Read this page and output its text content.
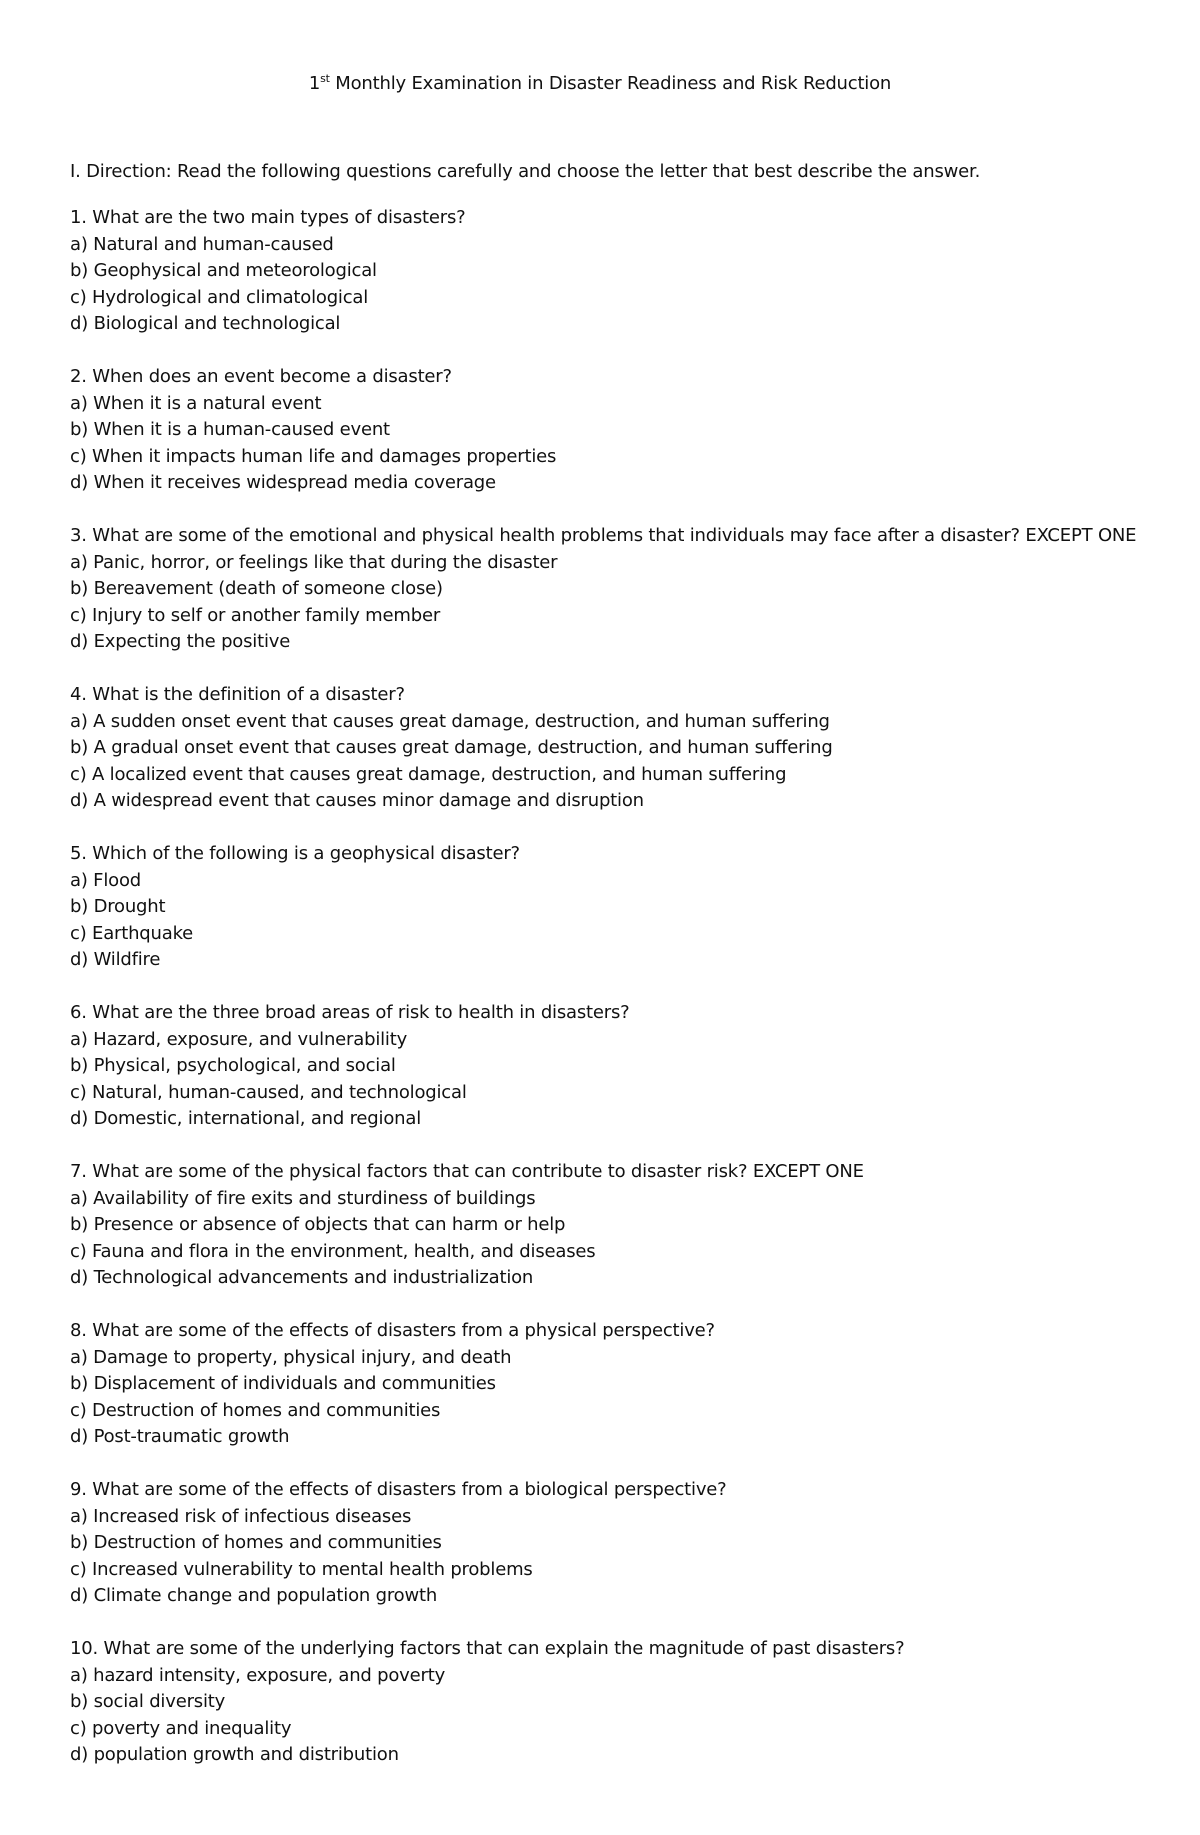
1st Monthly Examination in Disaster Readiness and Risk Reduction
I. Direction: Read the following questions carefully and choose the letter that best describe the answer.
1. What are the two main types of disasters?
a) Natural and human-caused
b) Geophysical and meteorological
c) Hydrological and climatological
d) Biological and technological
2. When does an event become a disaster?
a) When it is a natural event
b) When it is a human-caused event
c) When it impacts human life and damages properties
d) When it receives widespread media coverage
3. What are some of the emotional and physical health problems that individuals may face after a disaster? EXCEPT ONE
a) Panic, horror, or feelings like that during the disaster
b) Bereavement (death of someone close)
c) Injury to self or another family member
d) Expecting the positive
4. What is the definition of a disaster?
a) A sudden onset event that causes great damage, destruction, and human suffering
b) A gradual onset event that causes great damage, destruction, and human suffering
c) A localized event that causes great damage, destruction, and human suffering
d) A widespread event that causes minor damage and disruption
5. Which of the following is a geophysical disaster?
a) Flood
b) Drought
c) Earthquake
d) Wildfire
6. What are the three broad areas of risk to health in disasters?
a) Hazard, exposure, and vulnerability
b) Physical, psychological, and social
c) Natural, human-caused, and technological
d) Domestic, international, and regional
7. What are some of the physical factors that can contribute to disaster risk? EXCEPT ONE
a) Availability of fire exits and sturdiness of buildings
b) Presence or absence of objects that can harm or help
c) Fauna and flora in the environment, health, and diseases
d) Technological advancements and industrialization
8. What are some of the effects of disasters from a physical perspective?
a) Damage to property, physical injury, and death
b) Displacement of individuals and communities
c) Destruction of homes and communities
d) Post-traumatic growth
9. What are some of the effects of disasters from a biological perspective?
a) Increased risk of infectious diseases
b) Destruction of homes and communities
c) Increased vulnerability to mental health problems
d) Climate change and population growth
10. What are some of the underlying factors that can explain the magnitude of past disasters?
a) hazard intensity, exposure, and poverty
b) social diversity
c) poverty and inequality
d) population growth and distribution
